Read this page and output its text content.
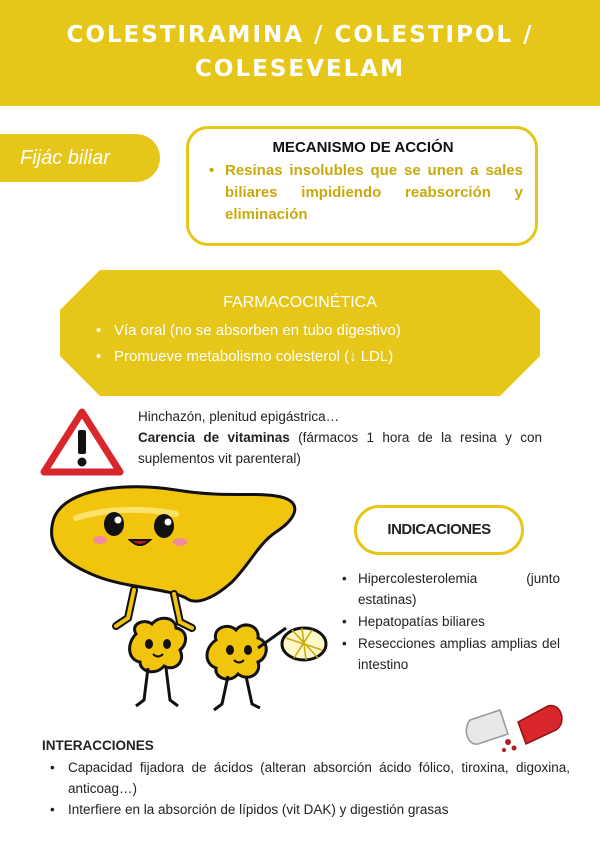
COLESTIRAMINA / COLESTIPOL /
COLESEVELAM
Fijác biliar	MECANISMO DE ACCIÓN
• Resinas insolubles que se unen a sales biliares impidiendo reabsorción y eliminación
FARMACOCINÉTICA
• Vía oral (no se absorben en tubo digestivo)
• Promueve metabolismo colesterol (↓ LDL)

Hinchazón, plenitud epigástrica…

Carencia de vitaminas (fármacos 1 hora de la resina y con suplementos vit parenteral)

INDICACIONES
• Hipercolesterolemia (junto estatinas)
• Hepatopatías biliares
• Resecciones amplias amplias del intestino
INTERACCIONES
• Capacidad fijadora de ácidos (alteran absorción ácido fólico, tiroxina, digoxina, anticoag…)
• Interfiere en la absorción de lípidos (vit DAK) y digestión grasas
